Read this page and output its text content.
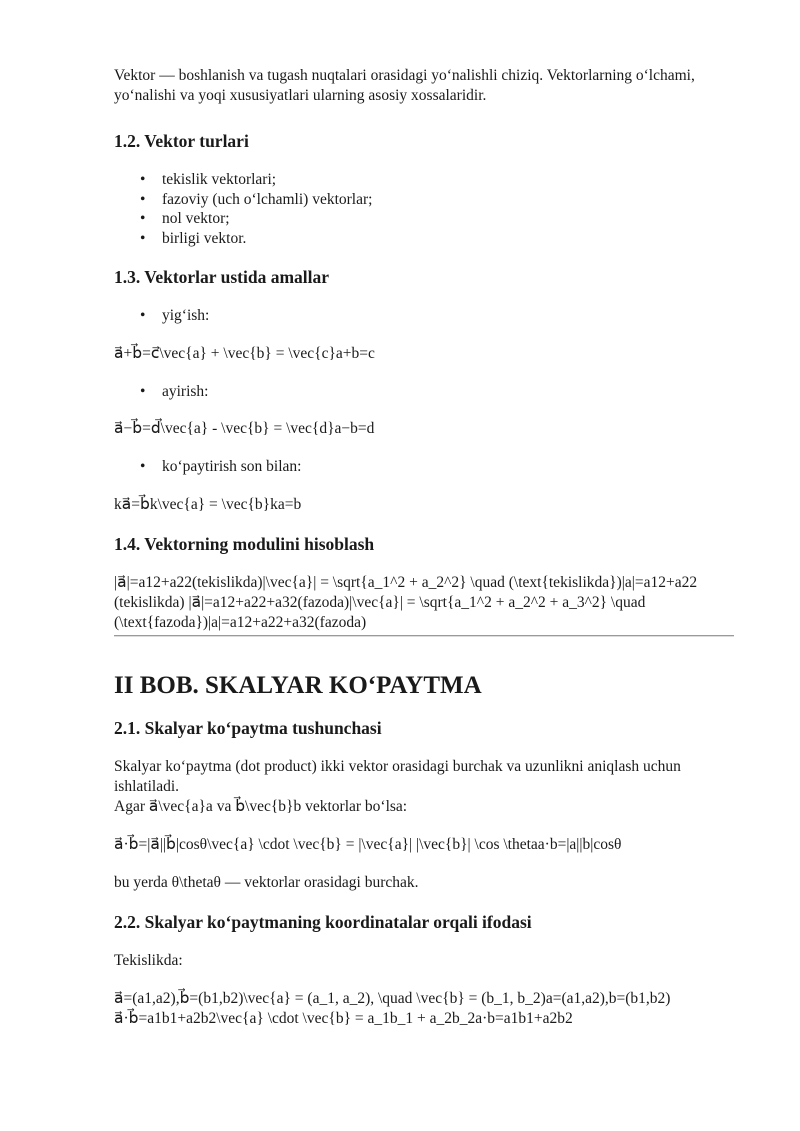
Vektor — boshlanish va tugash nuqtalari orasidagi yo‘nalishli chiziq. Vektorlarning o‘lchami, yo‘nalishi va yoqi xususiyatlari ularning asosiy xossalaridir.

1.2. Vektor turlari
• tekislik vektorlari;
• fazoviy (uch o‘lchamli) vektorlar;
• nol vektor;
• birligi vektor.
1.3. Vektorlar ustida amallar
• yig‘ish:

a⃗+b⃗=c⃗\vec{a} + \vec{b} = \vec{c}a+b=c

• ayirish:

a⃗−b⃗=d⃗\vec{a} - \vec{b} = \vec{d}a−b=d

• ko‘paytirish son bilan:

ka⃗=b⃗k\vec{a} = \vec{b}ka=b

1.4. Vektorning modulini hisoblash

|a⃗|=a12+a22(tekislikda)|\vec{a}| = \sqrt{a_1^2 + a_2^2} \quad (\text{tekislikda})|a|=a12+a22 (tekislikda) |a⃗|=a12+a22+a32(fazoda)|\vec{a}| = \sqrt{a_1^2 + a_2^2 + a_3^2} \quad (\text{fazoda})|a|=a12+a22+a32(fazoda)

II BOB. SKALYAR KO‘PAYTMA
2.1. Skalyar ko‘paytma tushunchasi

Skalyar ko‘paytma (dot product) ikki vektor orasidagi burchak va uzunlikni aniqlash uchun ishlatiladi.

Agar a⃗\vec{a}a va b⃗\vec{b}b vektorlar bo‘lsa:

a⃗·b⃗=|a⃗||b⃗|cosθ\vec{a} \cdot \vec{b} = |\vec{a}| |\vec{b}| \cos \thetaa·b=|a||b|cosθ

bu yerda θ\thetaθ — vektorlar orasidagi burchak.

2.2. Skalyar ko‘paytmaning koordinatalar orqali ifodasi

Tekislikda:

a⃗=(a1,a2),b⃗=(b1,b2)\vec{a} = (a_1, a_2), \quad \vec{b} = (b_1, b_2)a=(a1,a2),b=(b1,b2)

a⃗·b⃗=a1b1+a2b2\vec{a} \cdot \vec{b} = a_1b_1 + a_2b_2a·b=a1b1+a2b2
